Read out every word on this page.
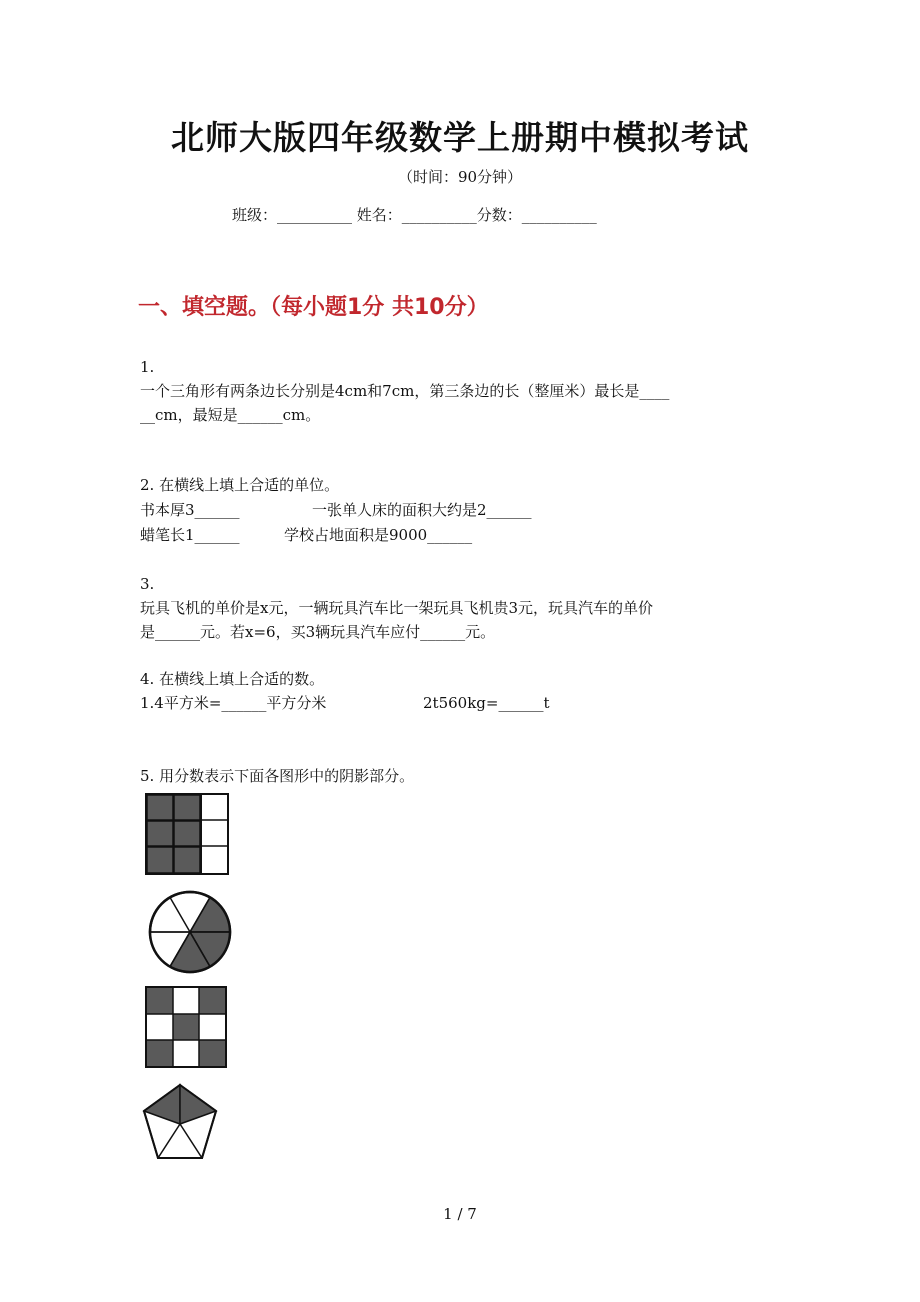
北师大版四年级数学上册期中模拟考试
（时间：90分钟）
班级：__________ 姓名：__________分数：__________
一、填空题。（每小题1分 共10分）
1.
一个三角形有两条边长分别是4cm和7cm，第三条边的长（整厘米）最长是____
__cm，最短是______cm。
2. 在横线上填上合适的单位。
书本厚3______	一张单人床的面积大约是2______
蜡笔长1______	学校占地面积是9000______
3.
玩具飞机的单价是x元，一辆玩具汽车比一架玩具飞机贵3元，玩具汽车的单价
是______元。若x=6，买3辆玩具汽车应付______元。
4. 在横线上填上合适的数。
1.4平方米=______平方分米	2t560kg=______t
5. 用分数表示下面各图形中的阴影部分。
1 / 7
